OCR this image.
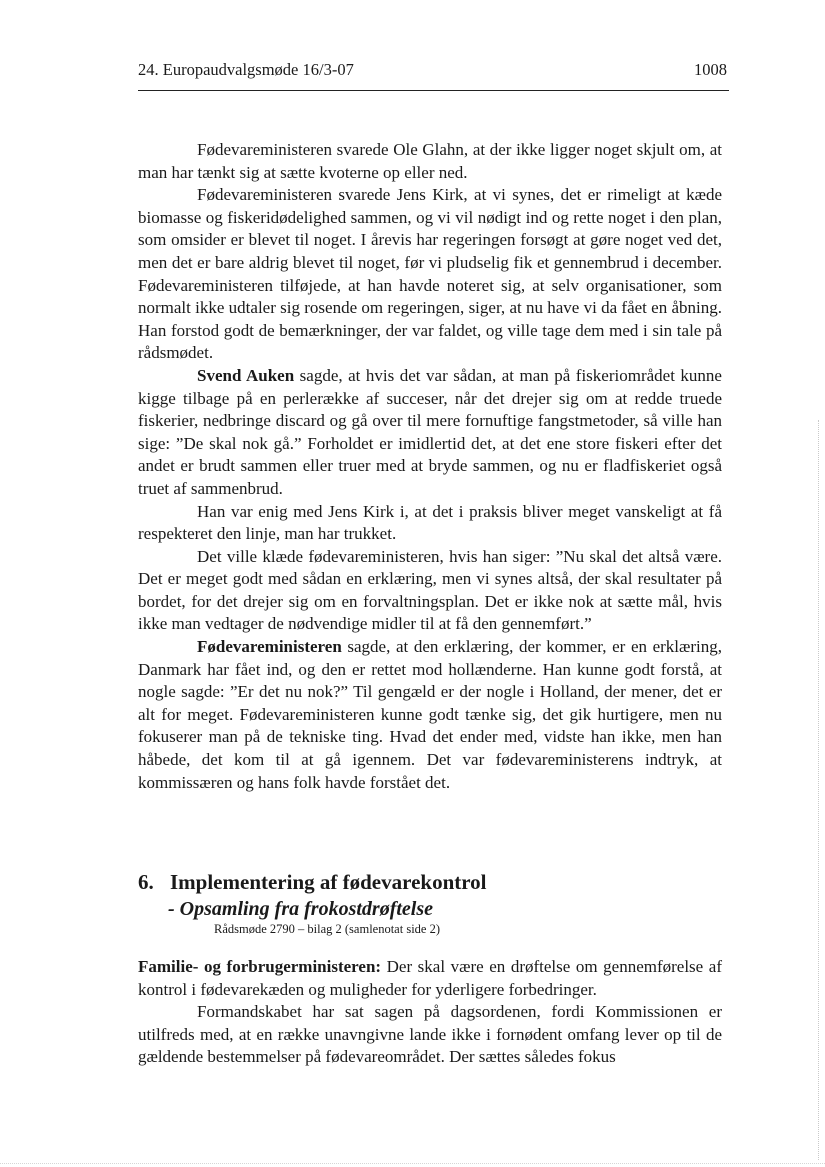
24. Europaudvalgsmøde 16/3-07	1008

Fødevareministeren svarede Ole Glahn, at der ikke ligger noget skjult om, at man har tænkt sig at sætte kvoterne op eller ned.

Fødevareministeren svarede Jens Kirk, at vi synes, det er rimeligt at kæde biomasse og fiskeridødelighed sammen, og vi vil nødigt ind og rette noget i den plan, som omsider er blevet til noget. I årevis har regeringen forsøgt at gøre noget ved det, men det er bare aldrig blevet til noget, før vi pludselig fik et gennembrud i december. Fødevareministeren tilføjede, at han havde noteret sig, at selv organisationer, som normalt ikke udtaler sig rosende om regeringen, siger, at nu have vi da fået en åbning. Han forstod godt de bemærkninger, der var faldet, og ville tage dem med i sin tale på rådsmødet.

Svend Auken sagde, at hvis det var sådan, at man på fiskeriområdet kunne kigge tilbage på en perlerække af succeser, når det drejer sig om at redde truede fiskerier, nedbringe discard og gå over til mere fornuftige fangstmetoder, så ville han sige: ”De skal nok gå.” Forholdet er imidlertid det, at det ene store fiskeri efter det andet er brudt sammen eller truer med at bryde sammen, og nu er fladfiskeriet også truet af sammenbrud.

Han var enig med Jens Kirk i, at det i praksis bliver meget vanskeligt at få respekteret den linje, man har trukket.

Det ville klæde fødevareministeren, hvis han siger: ”Nu skal det altså være. Det er meget godt med sådan en erklæring, men vi synes altså, der skal resultater på bordet, for det drejer sig om en forvaltningsplan. Det er ikke nok at sætte mål, hvis ikke man vedtager de nødvendige midler til at få den gennemført.”

Fødevareministeren sagde, at den erklæring, der kommer, er en erklæring, Danmark har fået ind, og den er rettet mod hollænderne. Han kunne godt forstå, at nogle sagde: ”Er det nu nok?” Til gengæld er der nogle i Holland, der mener, det er alt for meget. Fødevareministeren kunne godt tænke sig, det gik hurtigere, men nu fokuserer man på de tekniske ting. Hvad det ender med, vidste han ikke, men han håbede, det kom til at gå igennem. Det var fødevareministerens indtryk, at kommissæren og hans folk havde forstået det.

6. Implementering af fødevarekontrol
- Opsamling fra frokostdrøftelse
Rådsmøde 2790 – bilag 2 (samlenotat side 2)

Familie- og forbrugerministeren: Der skal være en drøftelse om gennemførelse af kontrol i fødevarekæden og muligheder for yderligere forbedringer.

Formandskabet har sat sagen på dagsordenen, fordi Kommissionen er utilfreds med, at en række unavngivne lande ikke i fornødent omfang lever op til de gældende bestemmelser på fødevareområdet. Der sættes således fokus
